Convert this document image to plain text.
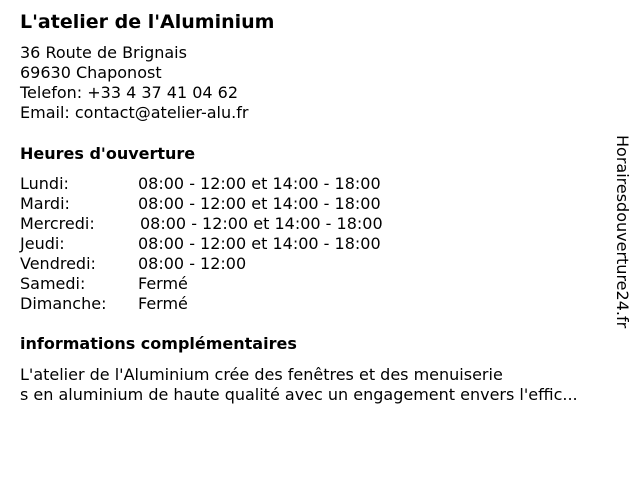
L'atelier de l'Aluminium
36 Route de Brignais
69630 Chaponost
Telefon: +33 4 37 41 04 62
Email: contact@atelier-alu.fr
Heures d'ouverture
Lundi:	08:00 - 12:00 et 14:00 - 18:00
Mardi:	08:00 - 12:00 et 14:00 - 18:00
Mercredi:	08:00 - 12:00 et 14:00 - 18:00
Jeudi:	08:00 - 12:00 et 14:00 - 18:00
Vendredi:	08:00 - 12:00
Samedi:	Fermé
Dimanche: Fermé
informations complémentaires
L'atelier de l'Aluminium crée des fenêtres et des menuiserie
s en aluminium de haute qualité avec un engagement envers l'effic...
Horairesdouverture24.fr
